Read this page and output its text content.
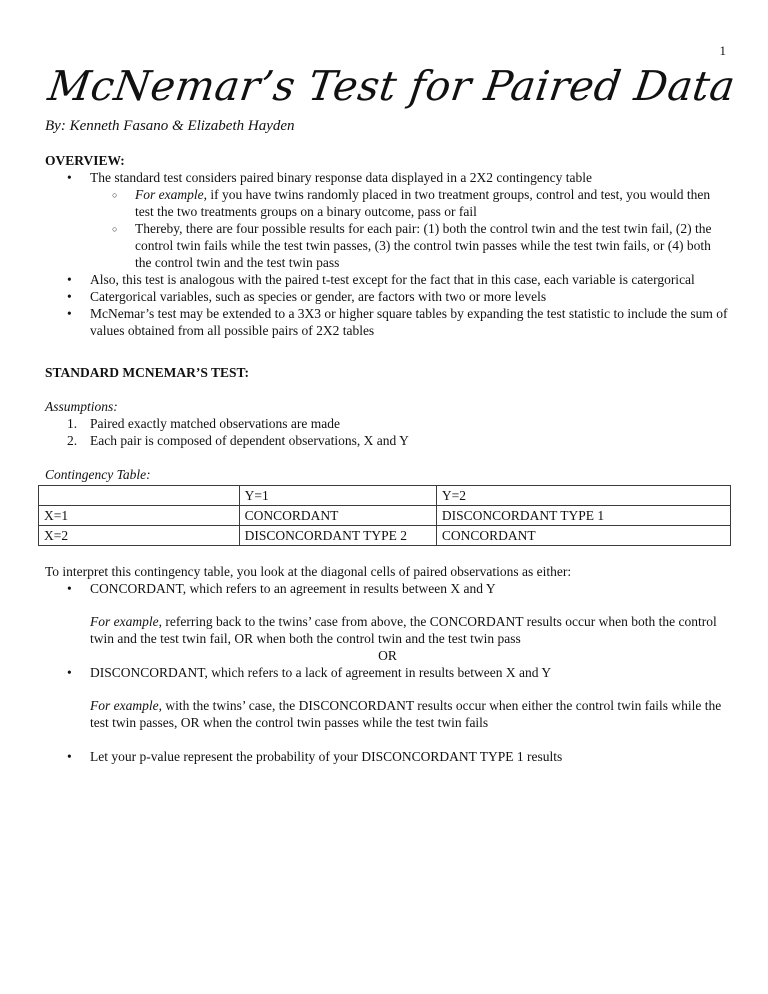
1
McNemar’s Test for Paired Data
By: Kenneth Fasano & Elizabeth Hayden
OVERVIEW:
• The standard test considers paired binary response data displayed in a 2X2 contingency table
○ For example, if you have twins randomly placed in two treatment groups, control and test, you would then test the two treatments groups on a binary outcome, pass or fail
○ Thereby, there are four possible results for each pair: (1) both the control twin and the test twin fail, (2) the control twin fails while the test twin passes, (3) the control twin passes while the test twin fails, or (4) both the control twin and the test twin pass
• Also, this test is analogous with the paired t-test except for the fact that in this case, each variable is catergorical
• Catergorical variables, such as species or gender, are factors with two or more levels
• McNemar’s test may be extended to a 3X3 or higher square tables by expanding the test statistic to include the sum of values obtained from all possible pairs of 2X2 tables
STANDARD MCNEMAR’S TEST:
Assumptions:
1. Paired exactly matched observations are made
2. Each pair is composed of dependent observations, X and Y
Contingency Table:
	Y=1	Y=2
X=1	CONCORDANT	DISCONCORDANT TYPE 1
X=2	DISCONCORDANT TYPE 2	CONCORDANT
To interpret this contingency table, you look at the diagonal cells of paired observations as either:
• CONCORDANT, which refers to an agreement in results between X and Y
For example, referring back to the twins’ case from above, the CONCORDANT results occur when both the control twin and the test twin fail, OR when both the control twin and the test twin pass
OR
• DISCONCORDANT, which refers to a lack of agreement in results between X and Y
For example, with the twins’ case, the DISCONCORDANT results occur when either the control twin fails while the test twin passes, OR when the control twin passes while the test twin fails
• Let your p-value represent the probability of your DISCONCORDANT TYPE 1 results
